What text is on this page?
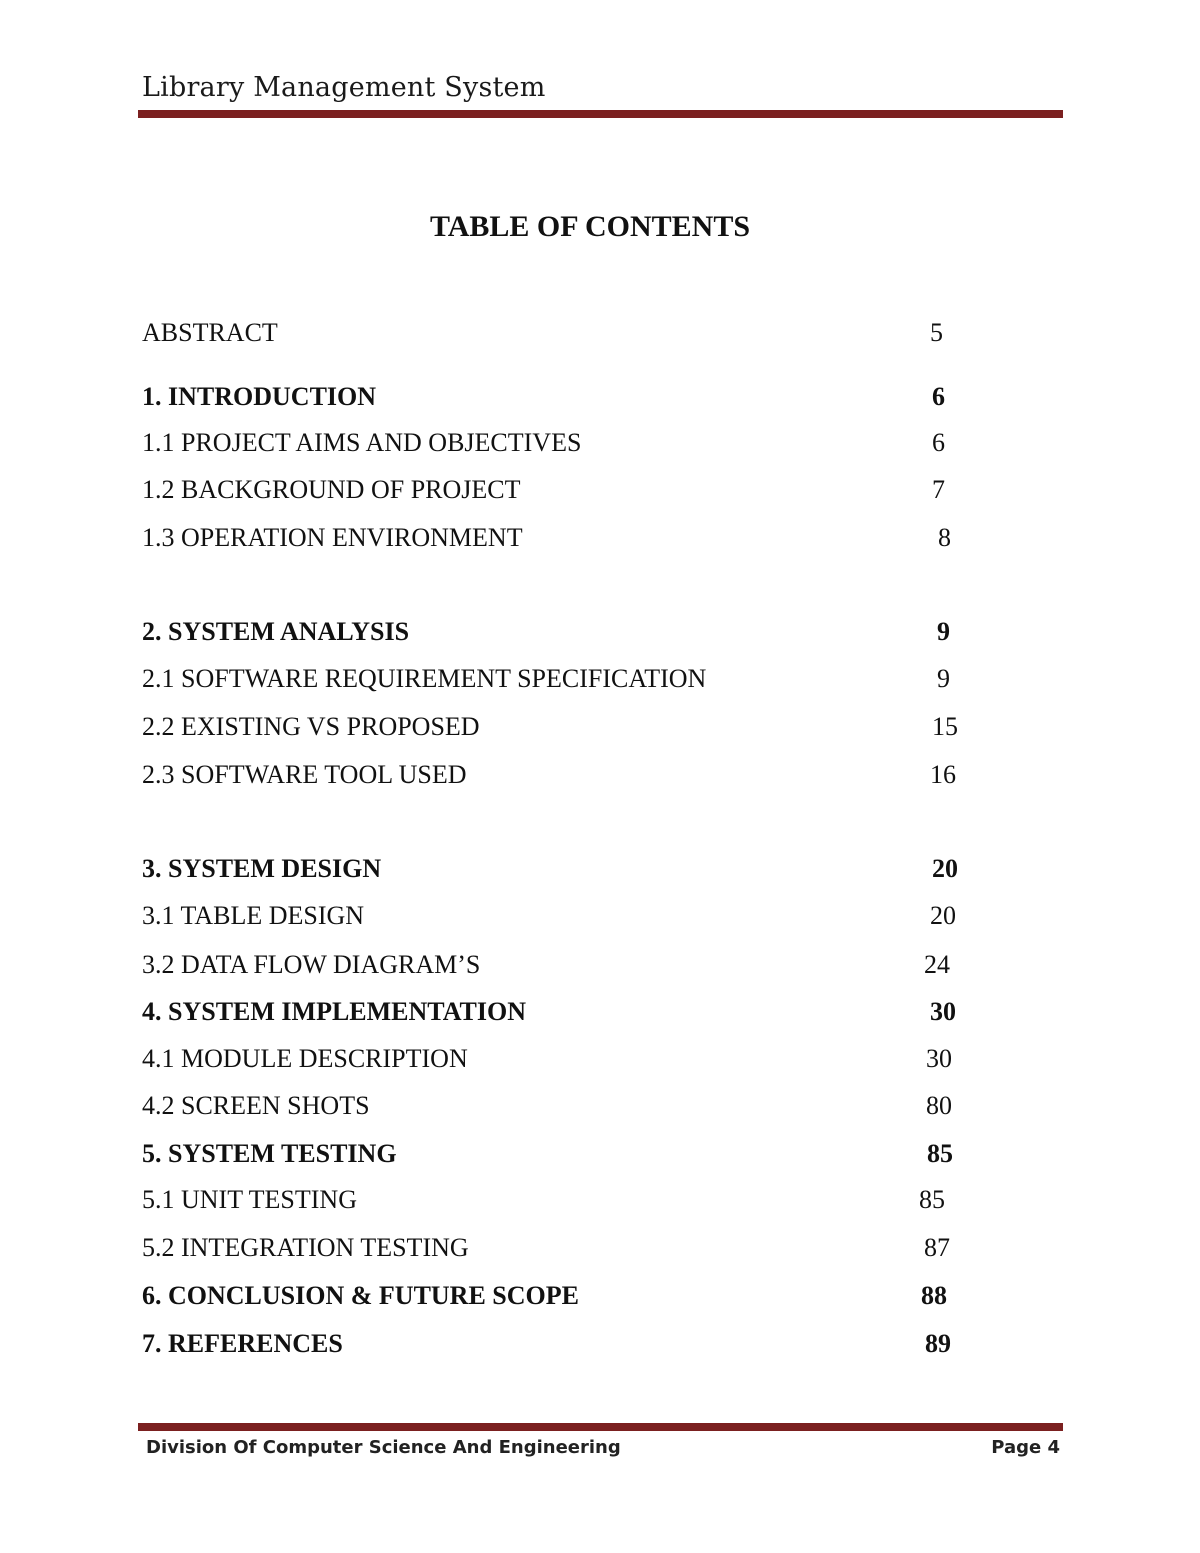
Library Management System
TABLE OF CONTENTS
ABSTRACT	5
1. INTRODUCTION	6
1.1 PROJECT AIMS AND OBJECTIVES	6
1.2 BACKGROUND OF PROJECT	7
1.3 OPERATION ENVIRONMENT	8
2. SYSTEM ANALYSIS	9
2.1 SOFTWARE REQUIREMENT SPECIFICATION	9
2.2 EXISTING VS PROPOSED	15
2.3 SOFTWARE TOOL USED	16
3. SYSTEM DESIGN	20
3.1 TABLE DESIGN	20
3.2 DATA FLOW DIAGRAM’S	24
4. SYSTEM IMPLEMENTATION	30
4.1 MODULE DESCRIPTION	30
4.2 SCREEN SHOTS	80
5. SYSTEM TESTING	85
5.1 UNIT TESTING	85
5.2 INTEGRATION TESTING	87
6. CONCLUSION & FUTURE SCOPE	88
7. REFERENCES	89
Division Of Computer Science And Engineering	Page 4
